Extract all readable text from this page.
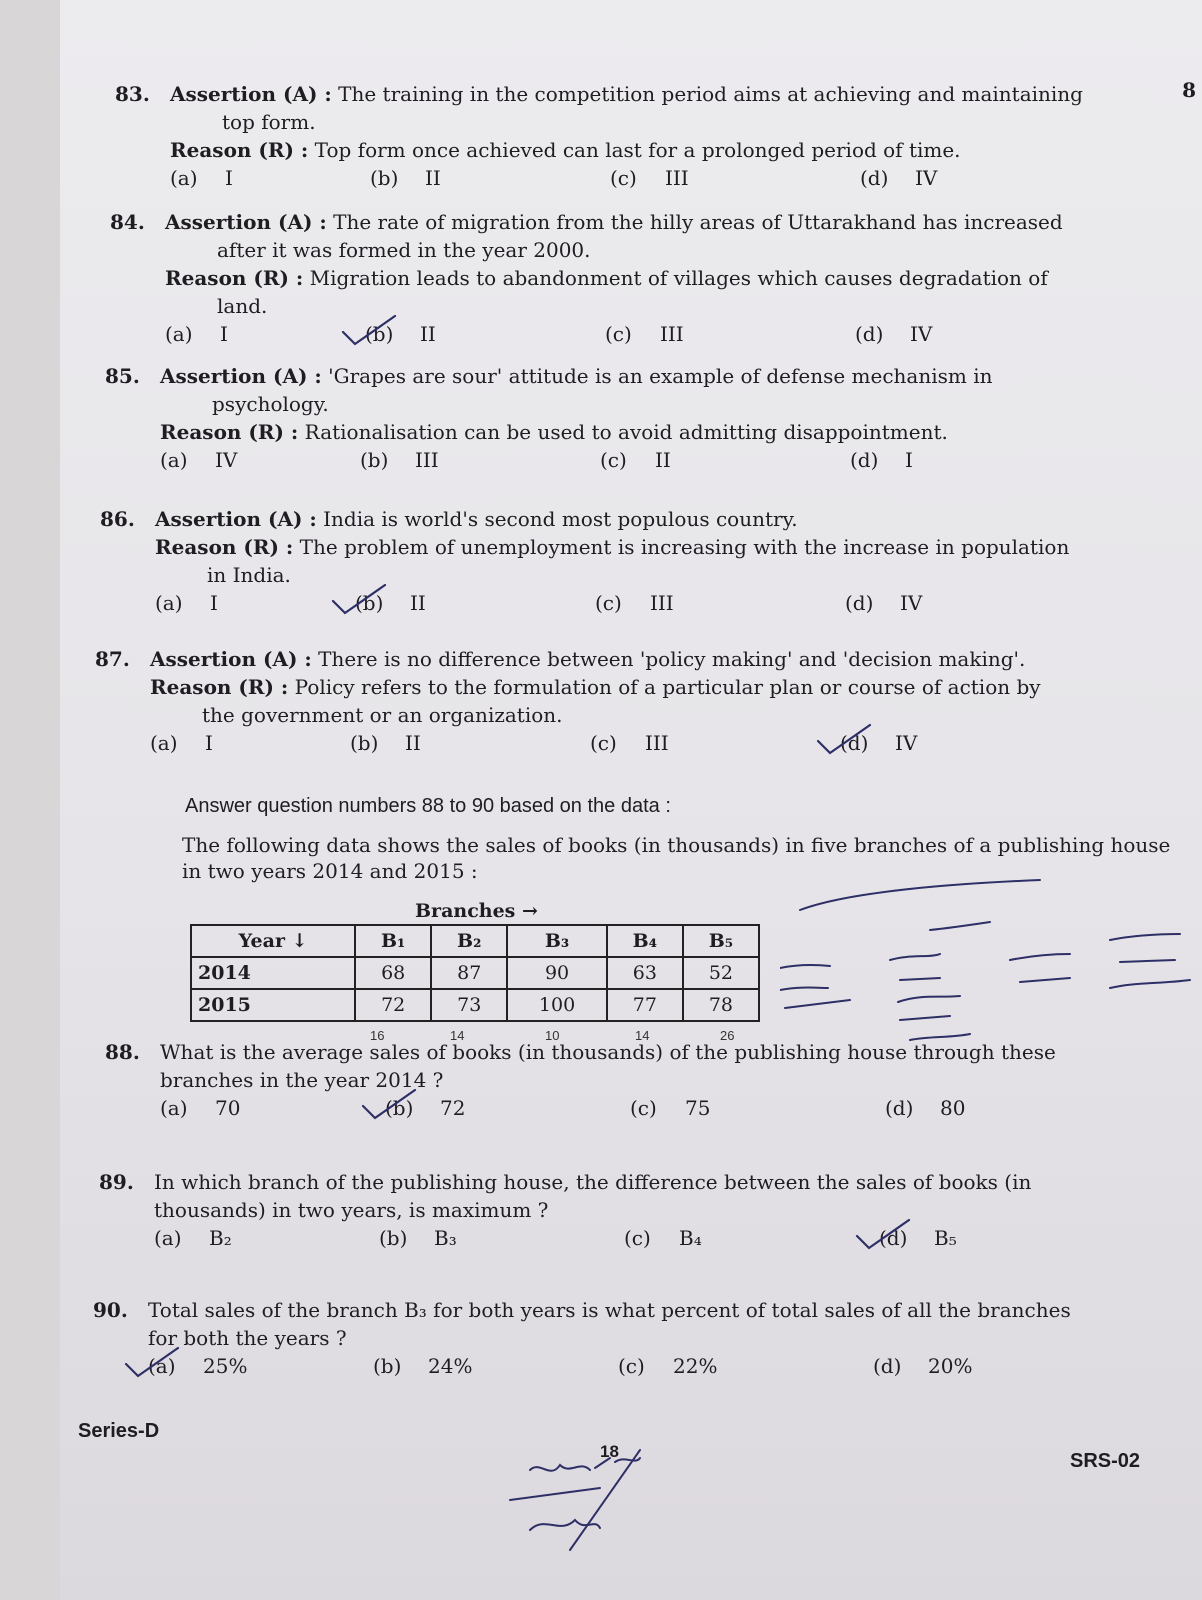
8
83. Assertion (A) : The training in the competition period aims at achieving and maintaining
top form.
Reason (R) : Top form once achieved can last for a prolonged period of time.
(a) I	(b) II	(c) III	(d) IV
84. Assertion (A) : The rate of migration from the hilly areas of Uttarakhand has increased
after it was formed in the year 2000.
Reason (R) : Migration leads to abandonment of villages which causes degradation of
land.
(a) I	(b) II	(c) III	(d) IV
85. Assertion (A) : 'Grapes are sour' attitude is an example of defense mechanism in
psychology.
Reason (R) : Rationalisation can be used to avoid admitting disappointment.
(a) IV	(b) III	(c) II	(d) I
86. Assertion (A) : India is world's second most populous country.
Reason (R) : The problem of unemployment is increasing with the increase in population
in India.
(a) I	(b) II	(c) III	(d) IV
87. Assertion (A) : There is no difference between 'policy making' and 'decision making'.
Reason (R) : Policy refers to the formulation of a particular plan or course of action by
the government or an organization.
(a) I	(b) II	(c) III	(d) IV
Answer question numbers 88 to 90 based on the data :
The following data shows the sales of books (in thousands) in five branches of a publishing house in two years 2014 and 2015 :
Branches →
Year ↓	B₁	B₂	B₃	B₄	B₅
2014	68	87	90	63	52
2015	72	73	100	77	78
16	14	10	14	26
88. What is the average sales of books (in thousands) of the publishing house through these
branches in the year 2014 ?
(a) 70	(b) 72	(c) 75	(d) 80
89. In which branch of the publishing house, the difference between the sales of books (in
thousands) in two years, is maximum ?
(a) B₂	(b) B₃	(c) B₄	(d) B₅
90. Total sales of the branch B₃ for both years is what percent of total sales of all the branches
for both the years ?
(a) 25%	(b) 24%	(c) 22%	(d) 20%
Series-D
18	SRS-02
